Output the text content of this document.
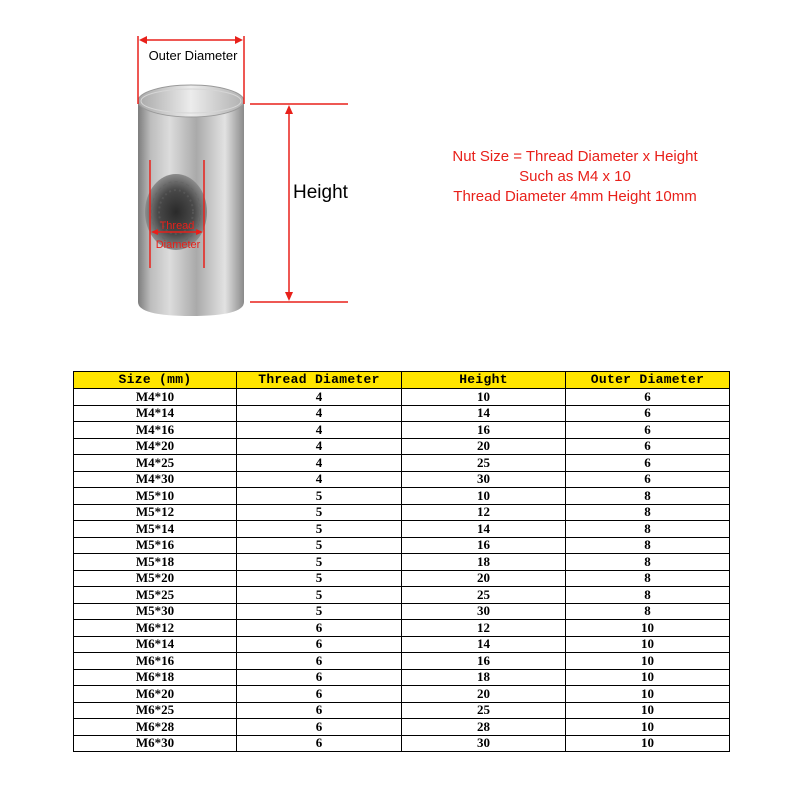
Outer Diameter
Height
Thread
Diameter
Nut Size = Thread Diameter x Height
Such as M4 x 10
Thread Diameter 4mm Height 10mm
Size (mm)	Thread Diameter	Height	Outer Diameter
M4*10	4	10	6
M4*14	4	14	6
M4*16	4	16	6
M4*20	4	20	6
M4*25	4	25	6
M4*30	4	30	6
M5*10	5	10	8
M5*12	5	12	8
M5*14	5	14	8
M5*16	5	16	8
M5*18	5	18	8
M5*20	5	20	8
M5*25	5	25	8
M5*30	5	30	8
M6*12	6	12	10
M6*14	6	14	10
M6*16	6	16	10
M6*18	6	18	10
M6*20	6	20	10
M6*25	6	25	10
M6*28	6	28	10
M6*30	6	30	10
